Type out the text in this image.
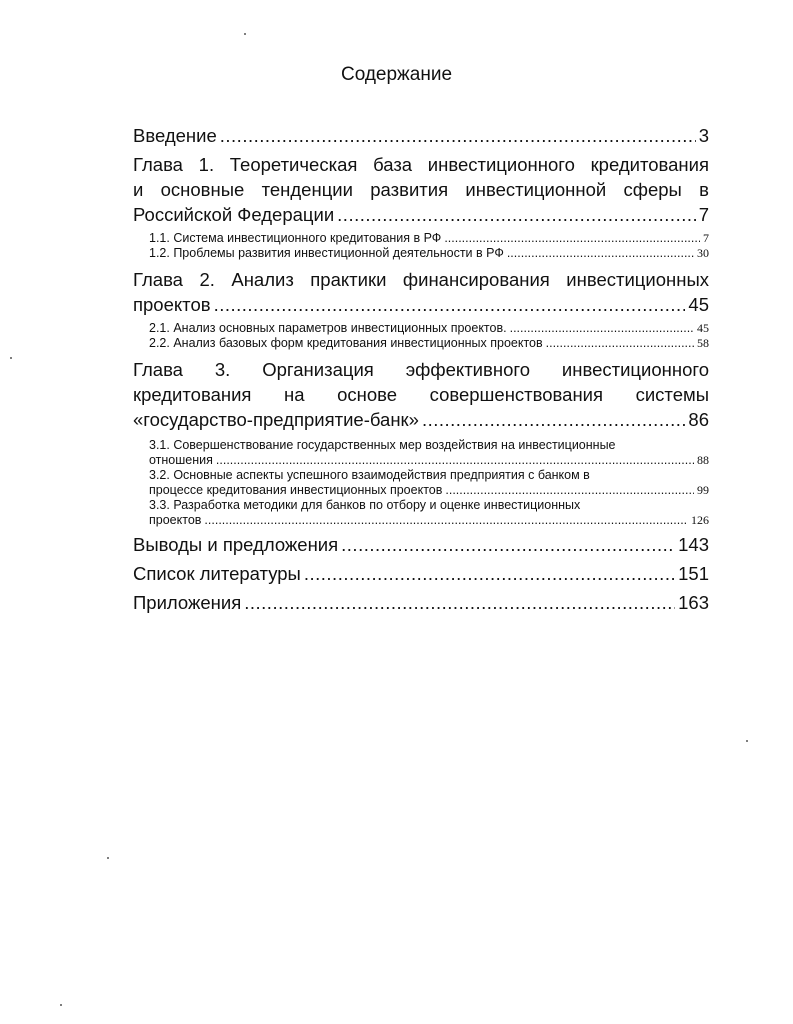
Содержание
Введение .....	3
Глава 1. Теоретическая база инвестиционного кредитования
и основные тенденции развития инвестиционной сферы в
Российской Федерации .....	7
1.1. Система инвестиционного кредитования в РФ .....	7
1.2. Проблемы развития инвестиционной деятельности в РФ .....	30
Глава 2. Анализ практики финансирования инвестиционных
проектов .....	45
2.1. Анализ основных параметров инвестиционных проектов. .....	45
2.2. Анализ базовых форм кредитования инвестиционных проектов .....	58
Глава 3. Организация эффективного инвестиционного
кредитования на основе совершенствования системы
«государство-предприятие-банк» .....	86
3.1. Совершенствование государственных мер воздействия на инвестиционные
отношения .....	88
3.2. Основные аспекты успешного взаимодействия предприятия с банком в
процессе кредитования инвестиционных проектов .....	99
3.3. Разработка методики для банков по отбору и оценке инвестиционных
проектов .....	126
Выводы и предложения .....	143
Список литературы .....	151
Приложения .....	163
